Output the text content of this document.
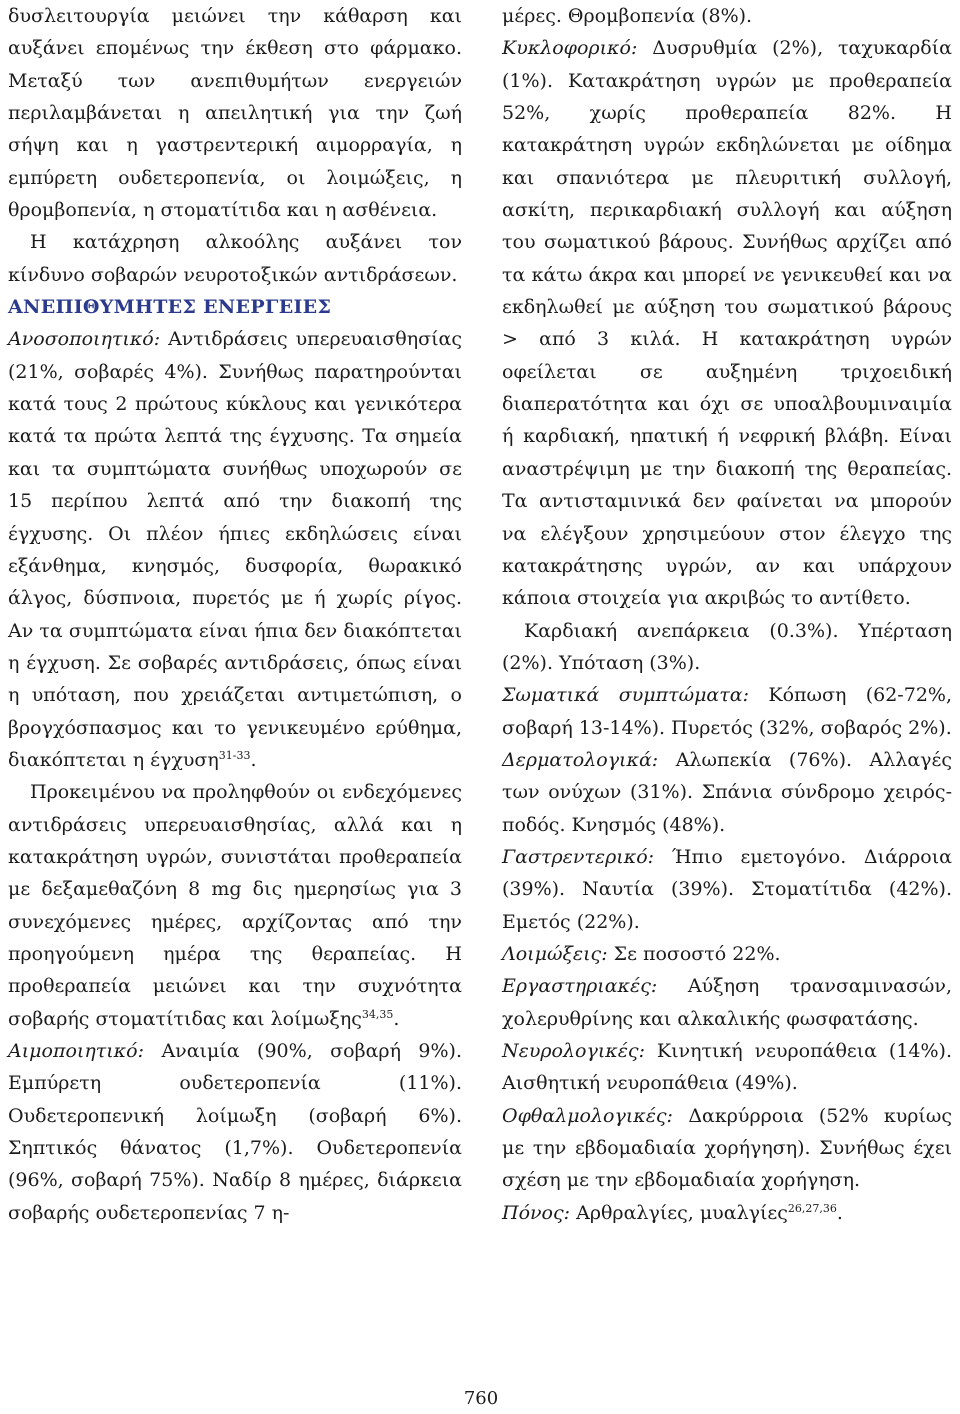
δυσλειτουργία μειώνει την κάθαρση και αυξάνει επομένως την έκθεση στο φάρμακο. Μεταξύ των ανεπιθυμήτων ενεργειών περιλαμβάνεται η απειλητική για την ζωή σήψη και η γαστρεντερική αιμορραγία, η εμπύρετη ουδετεροπενία, οι λοιμώξεις, η θρομβοπενία, η στοματίτιδα και η ασθένεια.

Η κατάχρηση αλκοόλης αυξάνει τον κίνδυνο σοβαρών νευροτοξικών αντιδράσεων.

ΑΝΕΠΙΘΥΜΗΤΕΣ ΕΝΕΡΓΕΙΕΣ

Ανοσοποιητικό: Αντιδράσεις υπερευαισθησίας (21%, σοβαρές 4%). Συνήθως παρατηρούνται κατά τους 2 πρώτους κύκλους και γενικότερα κατά τα πρώτα λεπτά της έγχυσης. Τα σημεία και τα συμπτώματα συνήθως υποχωρούν σε 15 περίπου λεπτά από την διακοπή της έγχυσης. Οι πλέον ήπιες εκδηλώσεις είναι εξάνθημα, κνησμός, δυσφορία, θωρακικό άλγος, δύσπνοια, πυρετός με ή χωρίς ρίγος. Αν τα συμπτώματα είναι ήπια δεν διακόπτεται η έγχυση. Σε σοβαρές αντιδράσεις, όπως είναι η υπόταση, που χρειάζεται αντιμετώπιση, ο βρογχόσπασμος και το γενικευμένο ερύθημα, διακόπτεται η έγχυση$^{31-33}$.

Προκειμένου να προληφθούν οι ενδεχόμενες αντιδράσεις υπερευαισθησίας, αλλά και η κατακράτηση υγρών, συνιστάται προθεραπεία με δεξαμεθαζόνη 8 mg δις ημερησίως για 3 συνεχόμενες ημέρες, αρχίζοντας από την προηγούμενη ημέρα της θεραπείας. Η προθεραπεία μειώνει και την συχνότητα σοβαρής στοματίτιδας και λοίμωξης$^{34,35}$.

Αιμοποιητικό: Αναιμία (90%, σοβαρή 9%). Εμπύρετη ουδετεροπενία (11%). Ουδετεροπενική λοίμωξη (σοβαρή 6%). Σηπτικός θάνατος (1,7%). Ουδετεροπενία (96%, σοβαρή 75%). Ναδίρ 8 ημέρες, διάρκεια σοβαρής ουδετεροπενίας 7 η-

μέρες. Θρομβοπενία (8%).

Κυκλοφορικό: Δυσρυθμία (2%), ταχυκαρδία (1%). Κατακράτηση υγρών με προθεραπεία 52%, χωρίς προθεραπεία 82%. Η κατακράτηση υγρών εκδηλώνεται με οίδημα και σπανιότερα με πλευριτική συλλογή, ασκίτη, περικαρδιακή συλλογή και αύξηση του σωματικού βάρους. Συνήθως αρχίζει από τα κάτω άκρα και μπορεί νε γενικευθεί και να εκδηλωθεί με αύξηση του σωματικού βάρους > από 3 κιλά. Η κατακράτηση υγρών οφείλεται σε αυξημένη τριχοειδική διαπερατότητα και όχι σε υποαλβουμιναιμία ή καρδιακή, ηπατική ή νεφρική βλάβη. Είναι αναστρέψιμη με την διακοπή της θεραπείας. Τα αντισταμινικά δεν φαίνεται να μπορούν να ελέγξουν χρησιμεύουν στον έλεγχο της κατακράτησης υγρών, αν και υπάρχουν κάποια στοιχεία για ακριβώς το αντίθετο.

Καρδιακή ανεπάρκεια (0.3%). Υπέρταση (2%). Υπόταση (3%).

Σωματικά συμπτώματα: Κόπωση (62-72%, σοβαρή 13-14%). Πυρετός (32%, σοβαρός 2%).

Δερματολογικά: Αλωπεκία (76%). Αλλαγές των ονύχων (31%). Σπάνια σύνδρομο χειρός-ποδός. Κνησμός (48%).

Γαστρεντερικό: Ήπιο εμετογόνο. Διάρροια (39%). Ναυτία (39%). Στοματίτιδα (42%). Εμετός (22%).

Λοιμώξεις: Σε ποσοστό 22%.

Εργαστηριακές: Αύξηση τρανσαμινασών, χολερυθρίνης και αλκαλικής φωσφατάσης.

Νευρολογικές: Κινητική νευροπάθεια (14%). Αισθητική νευροπάθεια (49%).

Οφθαλμολογικές: Δακρύρροια (52% κυρίως με την εβδομαδιαία χορήγηση). Συνήθως έχει σχέση με την εβδομαδιαία χορήγηση.

Πόνος: Αρθραλγίες, μυαλγίες$^{26,27,36}$.

760
